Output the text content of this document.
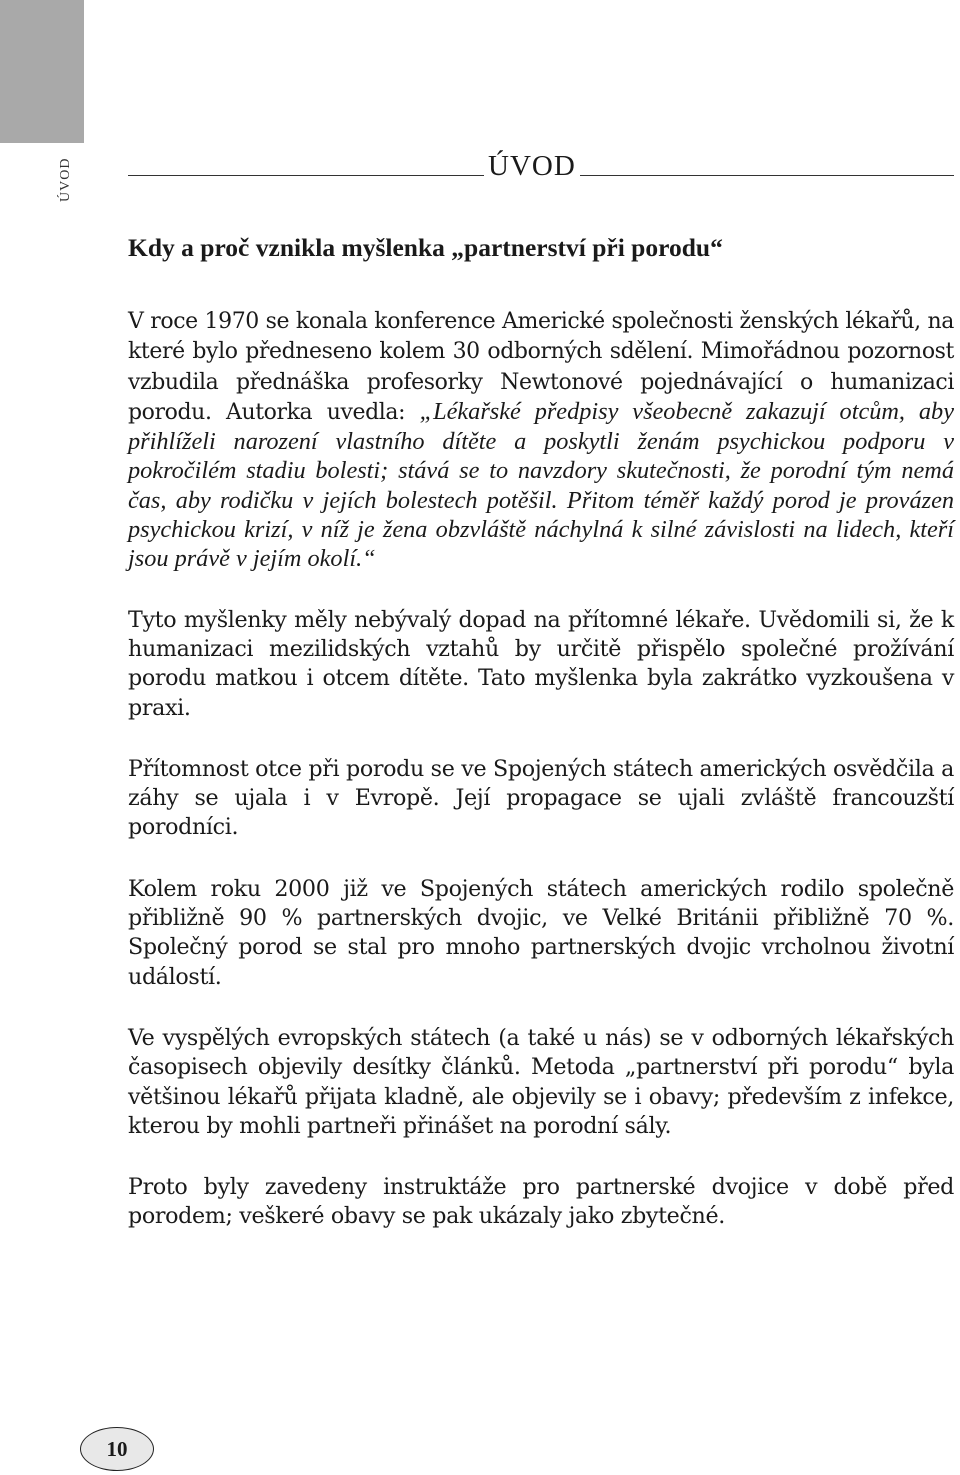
ÚVOD	ÚVOD
Kdy a proč vznikla myšlenka „partnerství při porodu“

V roce 1970 se konala konference Americké společnosti ženských lékařů, na které bylo předneseno kolem 30 odborných sdělení. Mimořádnou pozornost vzbudila přednáška profesorky Newtonové pojednávající o humanizaci porodu. Autorka uvedla: „Lékařské předpisy všeobecně zakazují otcům, aby přihlíželi narození vlastního dítěte a poskytli ženám psychickou podporu v pokročilém stadiu bolesti; stává se to navzdory skutečnosti, že porodní tým nemá čas, aby rodičku v jejích bolestech potěšil. Přitom téměř každý porod je provázen psychickou krizí, v níž je žena obzvláště náchylná k silné závislosti na lidech, kteří jsou právě v jejím okolí.“

Tyto myšlenky měly nebývalý dopad na přítomné lékaře. Uvědomili si, že k humanizaci mezilidských vztahů by určitě přispělo společné prožívání porodu matkou i otcem dítěte. Tato myšlenka byla zakrátko vyzkoušena v praxi.

Přítomnost otce při porodu se ve Spojených státech amerických osvědčila a záhy se ujala i v Evropě. Její propagace se ujali zvláště francouzští porodníci.

Kolem roku 2000 již ve Spojených státech amerických rodilo společně přibližně 90 % partnerských dvojic, ve Velké Británii přibližně 70 %. Společný porod se stal pro mnoho partnerských dvojic vrcholnou životní událostí.

Ve vyspělých evropských státech (a také u nás) se v odborných lékařských časopisech objevily desítky článků. Metoda „partnerství při porodu“ byla většinou lékařů přijata kladně, ale objevily se i obavy; především z infekce, kterou by mohli partneři přinášet na porodní sály.

Proto byly zavedeny instruktáže pro partnerské dvojice v době před porodem; veškeré obavy se pak ukázaly jako zbytečné.

10
